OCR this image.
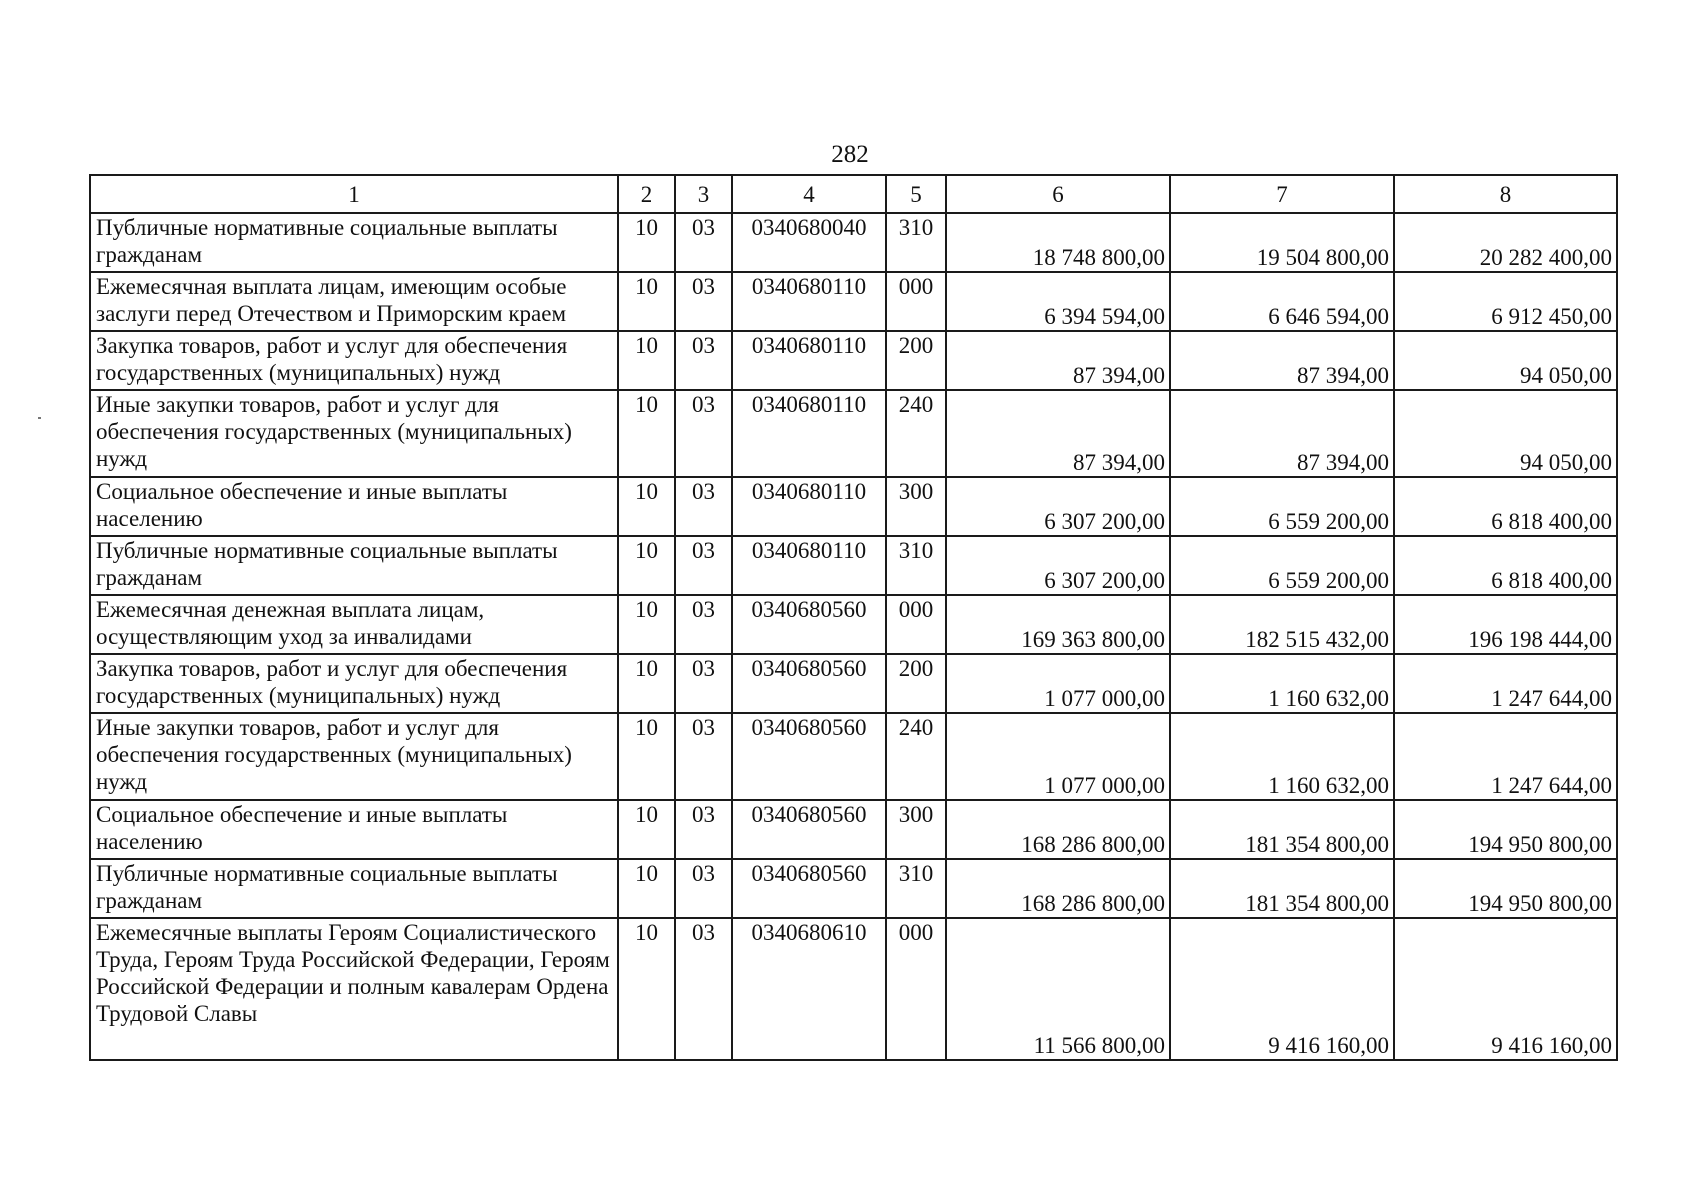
282
1	2	3	4	5	6	7	8
Публичные нормативные социальные выплаты гражданам	10	03	0340680040	310	18 748 800,00	19 504 800,00	20 282 400,00
Ежемесячная выплата лицам, имеющим особые заслуги перед Отечеством и Приморским краем	10	03	0340680110	000	6 394 594,00	6 646 594,00	6 912 450,00
Закупка товаров, работ и услуг для обеспечения государственных (муниципальных) нужд	10	03	0340680110	200	87 394,00	87 394,00	94 050,00
Иные закупки товаров, работ и услуг для обеспечения государственных (муниципальных) нужд	10	03	0340680110	240	87 394,00	87 394,00	94 050,00
Социальное обеспечение и иные выплаты населению	10	03	0340680110	300	6 307 200,00	6 559 200,00	6 818 400,00
Публичные нормативные социальные выплаты гражданам	10	03	0340680110	310	6 307 200,00	6 559 200,00	6 818 400,00
Ежемесячная денежная выплата лицам, осуществляющим уход за инвалидами	10	03	0340680560	000	169 363 800,00	182 515 432,00	196 198 444,00
Закупка товаров, работ и услуг для обеспечения государственных (муниципальных) нужд	10	03	0340680560	200	1 077 000,00	1 160 632,00	1 247 644,00
Иные закупки товаров, работ и услуг для обеспечения государственных (муниципальных) нужд	10	03	0340680560	240	1 077 000,00	1 160 632,00	1 247 644,00
Социальное обеспечение и иные выплаты населению	10	03	0340680560	300	168 286 800,00	181 354 800,00	194 950 800,00
Публичные нормативные социальные выплаты гражданам	10	03	0340680560	310	168 286 800,00	181 354 800,00	194 950 800,00
Ежемесячные выплаты Героям Социалистического Труда, Героям Труда Российской Федерации, Героям Российской Федерации и полным кавалерам Ордена Трудовой Славы	10	03	0340680610	000	11 566 800,00	9 416 160,00	9 416 160,00
